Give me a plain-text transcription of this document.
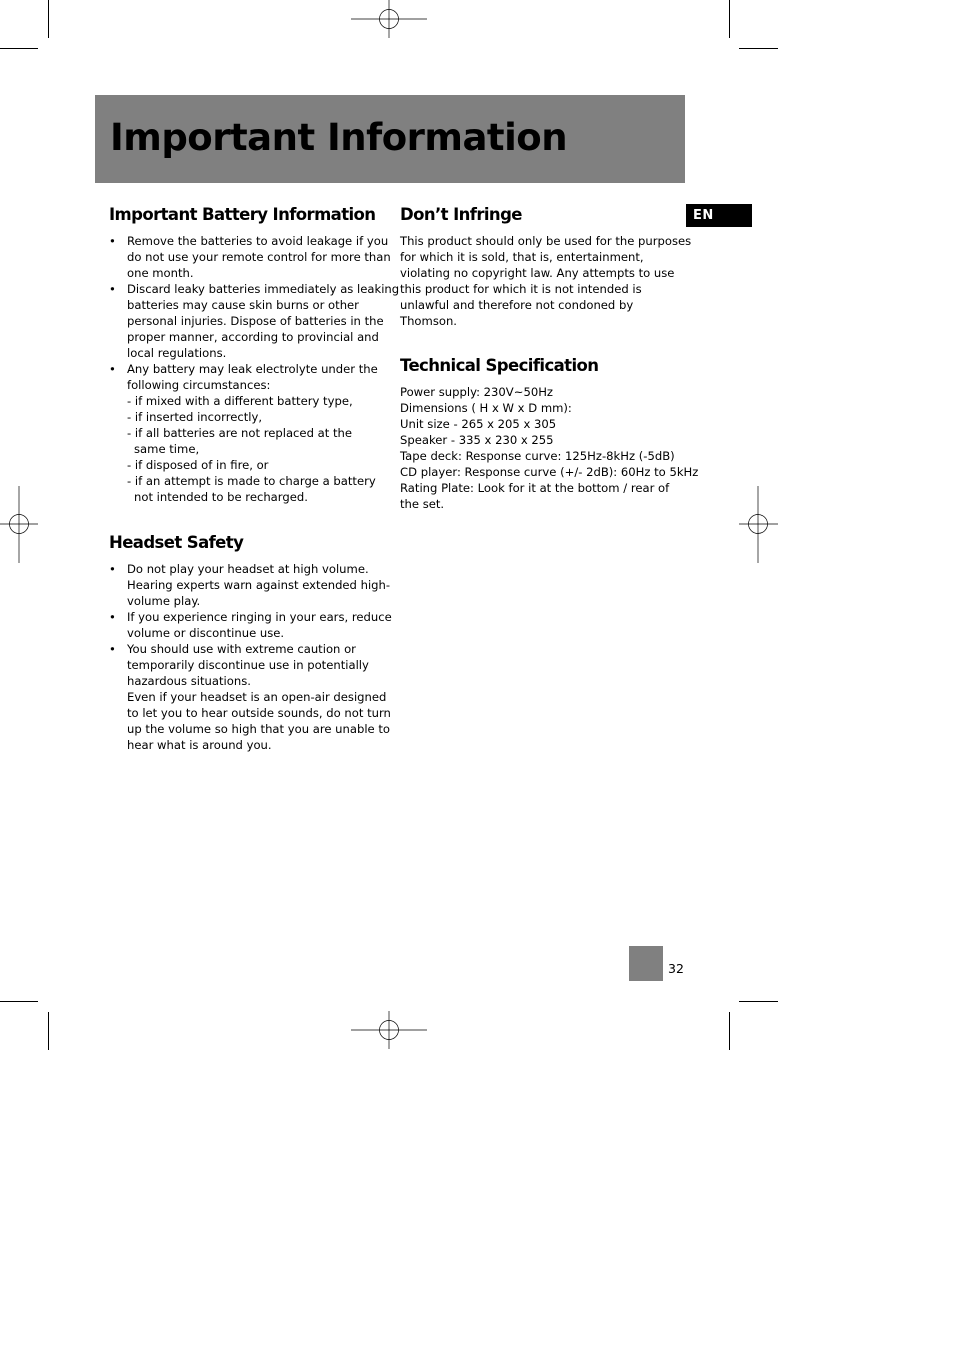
Important Information
EN
Important Battery Information
• Remove the batteries to avoid leakage if you
do not use your remote control for more than
one month.
• Discard leaky batteries immediately as leaking
batteries may cause skin burns or other
personal injuries. Dispose of batteries in the
proper manner, according to provincial and
local regulations.
• Any battery may leak electrolyte under the
following circumstances:
- if mixed with a different battery type,
- if inserted incorrectly,
- if all batteries are not replaced at the same time,
- if disposed of in fire, or
- if an attempt is made to charge a battery not intended to be recharged.
Headset Safety
• Do not play your headset at high volume.
Hearing experts warn against extended high-
volume play.
• If you experience ringing in your ears, reduce
volume or discontinue use.
• You should use with extreme caution or
temporarily discontinue use in potentially
hazardous situations.
Even if your headset is an open-air designed
to let you to hear outside sounds, do not turn
up the volume so high that you are unable to
hear what is around you.
Don’t Infringe
This product should only be used for the purposes
for which it is sold, that is, entertainment,
violating no copyright law. Any attempts to use
this product for which it is not intended is
unlawful and therefore not condoned by
Thomson.
Technical Specification
Power supply: 230V~50Hz
Dimensions ( H x W x D mm):
Unit size - 265 x 205 x 305
Speaker - 335 x 230 x 255
Tape deck: Response curve: 125Hz-8kHz (-5dB)
CD player: Response curve (+/- 2dB): 60Hz to 5kHz
Rating Plate: Look for it at the bottom / rear of
the set.
32
